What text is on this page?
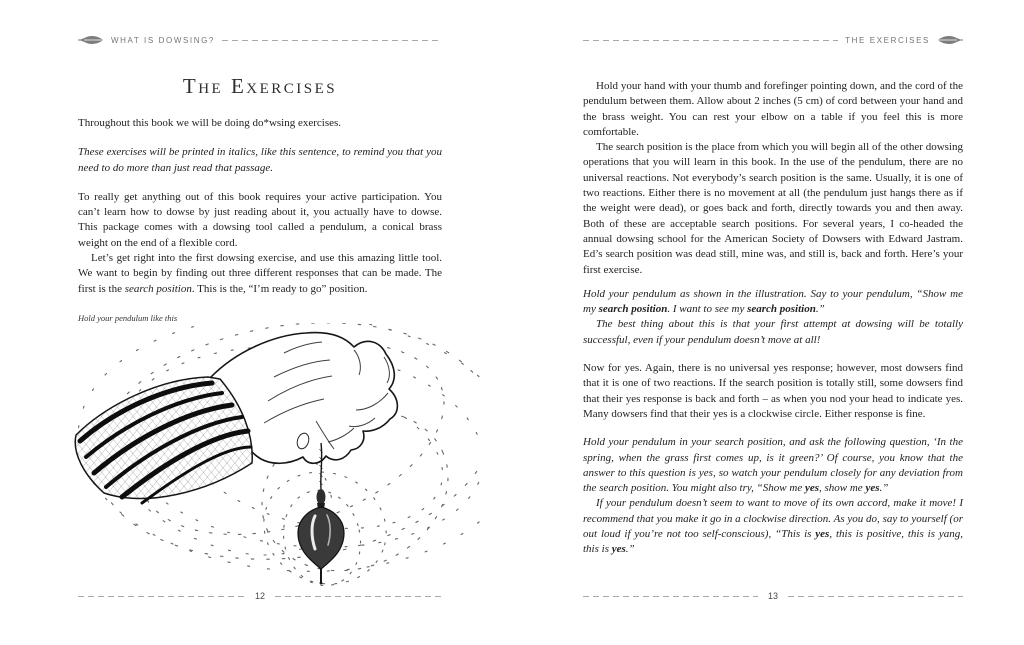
WHAT IS DOWSING?
The Exercises

Throughout this book we will be doing do*wsing exercises.

These exercises will be printed in italics, like this sentence, to remind you that you need to do more than just read that passage.

To really get anything out of this book requires your active participation. You can’t learn how to dowse by just reading about it, you actually have to dowse. This package comes with a dowsing tool called a pendulum, a conical brass weight on the end of a flexible cord.

Let’s get right into the first dowsing exercise, and use this amazing little tool. We want to begin by finding out three different responses that can be made. The first is the search position. This is the, “I’m ready to go” position.

Hold your pendulum like this
12
THE EXERCISES

Hold your hand with your thumb and forefinger pointing down, and the cord of the pendulum between them. Allow about 2 inches (5 cm) of cord between your hand and the brass weight. You can rest your elbow on a table if you feel this is more comfortable.

The search position is the place from which you will begin all of the other dowsing operations that you will learn in this book. In the use of the pendulum, there are no universal reactions. Not everybody’s search position is the same. Usually, it is one of two reactions. Either there is no movement at all (the pendulum just hangs there as if the weight were dead), or goes back and forth, directly towards you and then away. Both of these are acceptable search positions. For several years, I co-headed the annual dowsing school for the American Society of Dowsers with Edward Jastram. Ed’s search position was dead still, mine was, and still is, back and forth. Here’s your first exercise.

Hold your pendulum as shown in the illustration. Say to your pendulum, “Show me my search position. I want to see my search position.”

The best thing about this is that your first attempt at dowsing will be totally successful, even if your pendulum doesn’t move at all!

Now for yes. Again, there is no universal yes response; however, most dowsers find that it is one of two reactions. If the search position is totally still, some dowsers find that their yes response is back and forth – as when you nod your head to indicate yes. Many dowsers find that their yes is a clockwise circle. Either response is fine.

Hold your pendulum in your search position, and ask the following question, ‘In the spring, when the grass first comes up, is it green?’ Of course, you know that the answer to this question is yes, so watch your pendulum closely for any deviation from the search position. You might also try, “Show me yes, show me yes.”

If your pendulum doesn’t seem to want to move of its own accord, make it move! I recommend that you make it go in a clockwise direction. As you do, say to yourself (or out loud if you’re not too self-conscious), “This is yes, this is positive, this is yang, this is yes.”

13
